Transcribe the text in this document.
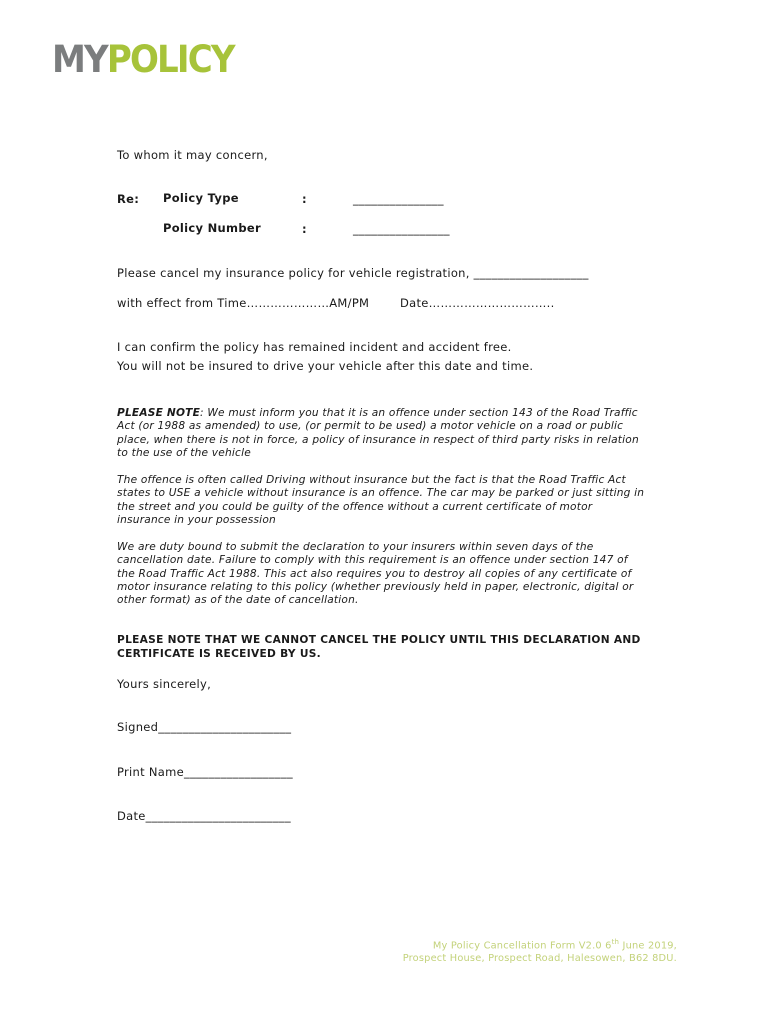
MYPOLICY
To whom it may concern,
Re: Policy Type	:	_______________
Policy Number	:	________________
Please cancel my insurance policy for vehicle registration, ___________________
with effect from Time…………………AM/PM	Date…………………………..
I can confirm the policy has remained incident and accident free.
You will not be insured to drive your vehicle after this date and time.
PLEASE NOTE: We must inform you that it is an offence under section 143 of the Road Traffic Act (or 1988 as amended) to use, (or permit to be used) a motor vehicle on a road or public place, when there is not in force, a policy of insurance in respect of third party risks in relation to the use of the vehicle
The offence is often called Driving without insurance but the fact is that the Road Traffic Act states to USE a vehicle without insurance is an offence. The car may be parked or just sitting in the street and you could be guilty of the offence without a current certificate of motor insurance in your possession
We are duty bound to submit the declaration to your insurers within seven days of the cancellation date. Failure to comply with this requirement is an offence under section 147 of the Road Traffic Act 1988. This act also requires you to destroy all copies of any certificate of motor insurance relating to this policy (whether previously held in paper, electronic, digital or other format) as of the date of cancellation.
PLEASE NOTE THAT WE CANNOT CANCEL THE POLICY UNTIL THIS DECLARATION AND CERTIFICATE IS RECEIVED BY US.
Yours sincerely,
Signed______________________
Print Name__________________
Date________________________
My Policy Cancellation Form V2.0 6th June 2019,
Prospect House, Prospect Road, Halesowen, B62 8DU.
